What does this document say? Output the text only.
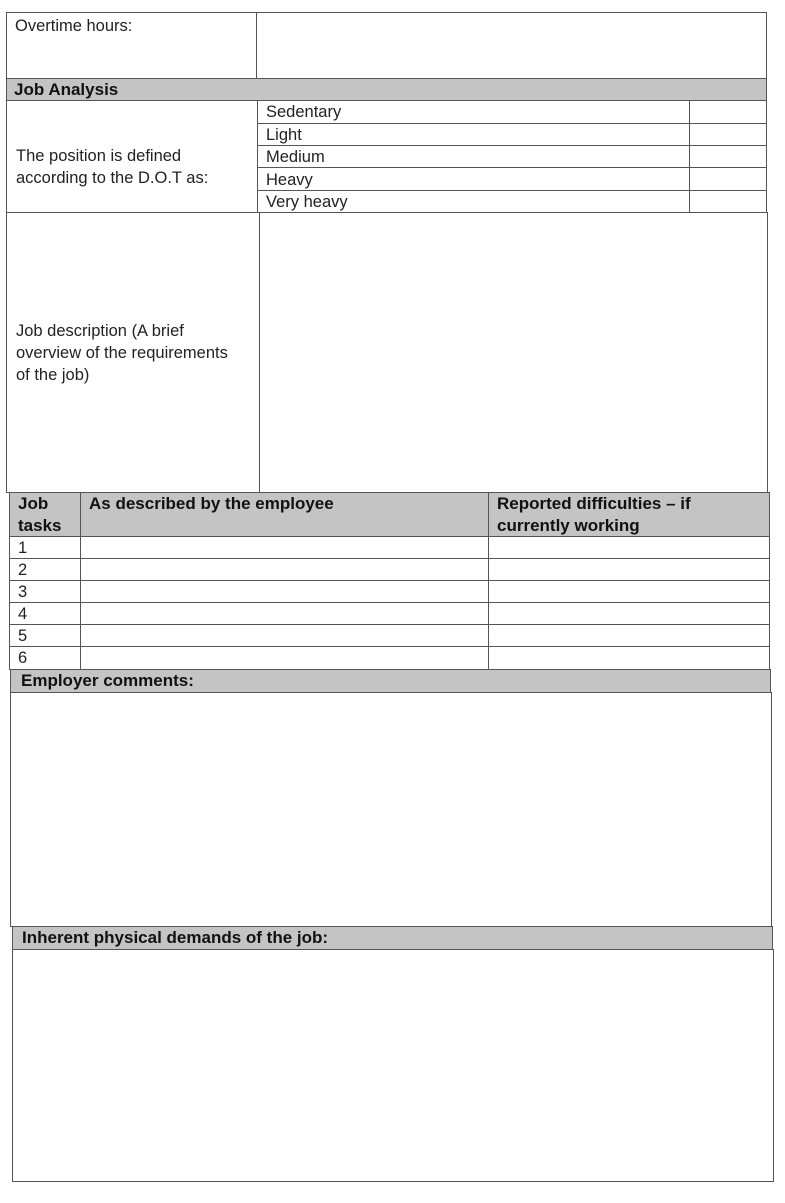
Overtime hours:
Job Analysis
The position is defined according to the D.O.T as:
Sedentary
Light
Medium
Heavy
Very heavy
Job description (A brief overview of the requirements of the job)
Job tasks
As described by the employee	Reported difficulties – if currently working
1
2
3
4
5
6
Employer comments:
Inherent physical demands of the job:
